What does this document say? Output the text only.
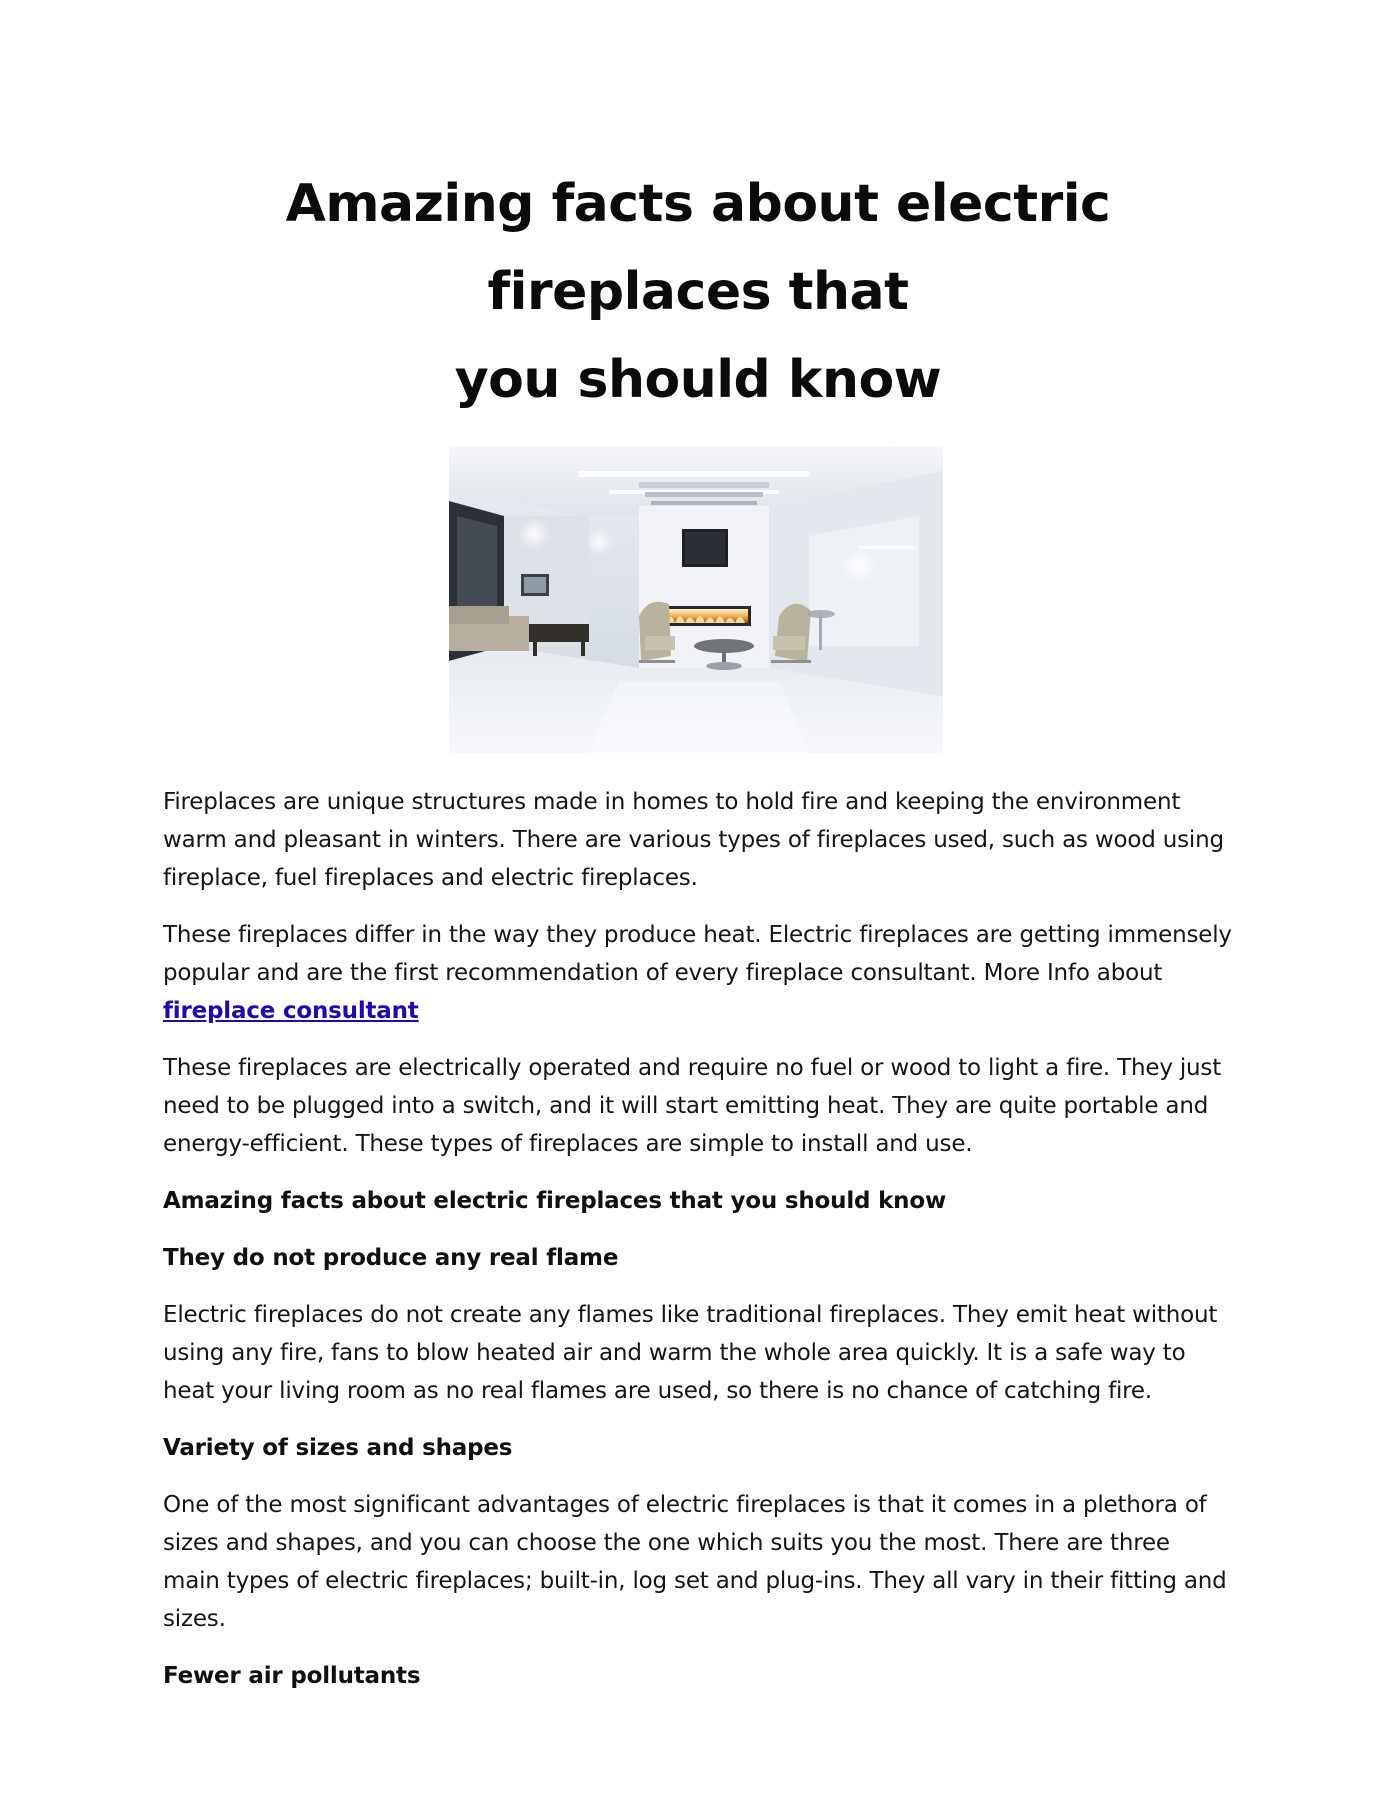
Amazing facts about electric fireplaces that
you should know

Fireplaces are unique structures made in homes to hold fire and keeping the environment warm and pleasant in winters. There are various types of fireplaces used, such as wood using fireplace, fuel fireplaces and electric fireplaces.

These fireplaces differ in the way they produce heat. Electric fireplaces are getting immensely popular and are the first recommendation of every fireplace consultant. More Info about
fireplace consultant

These fireplaces are electrically operated and require no fuel or wood to light a fire. They just need to be plugged into a switch, and it will start emitting heat. They are quite portable and energy-efficient. These types of fireplaces are simple to install and use.

Amazing facts about electric fireplaces that you should know

They do not produce any real flame

Electric fireplaces do not create any flames like traditional fireplaces. They emit heat without using any fire, fans to blow heated air and warm the whole area quickly. It is a safe way to heat your living room as no real flames are used, so there is no chance of catching fire.

Variety of sizes and shapes

One of the most significant advantages of electric fireplaces is that it comes in a plethora of sizes and shapes, and you can choose the one which suits you the most. There are three main types of electric fireplaces; built-in, log set and plug-ins. They all vary in their fitting and sizes.

Fewer air pollutants
